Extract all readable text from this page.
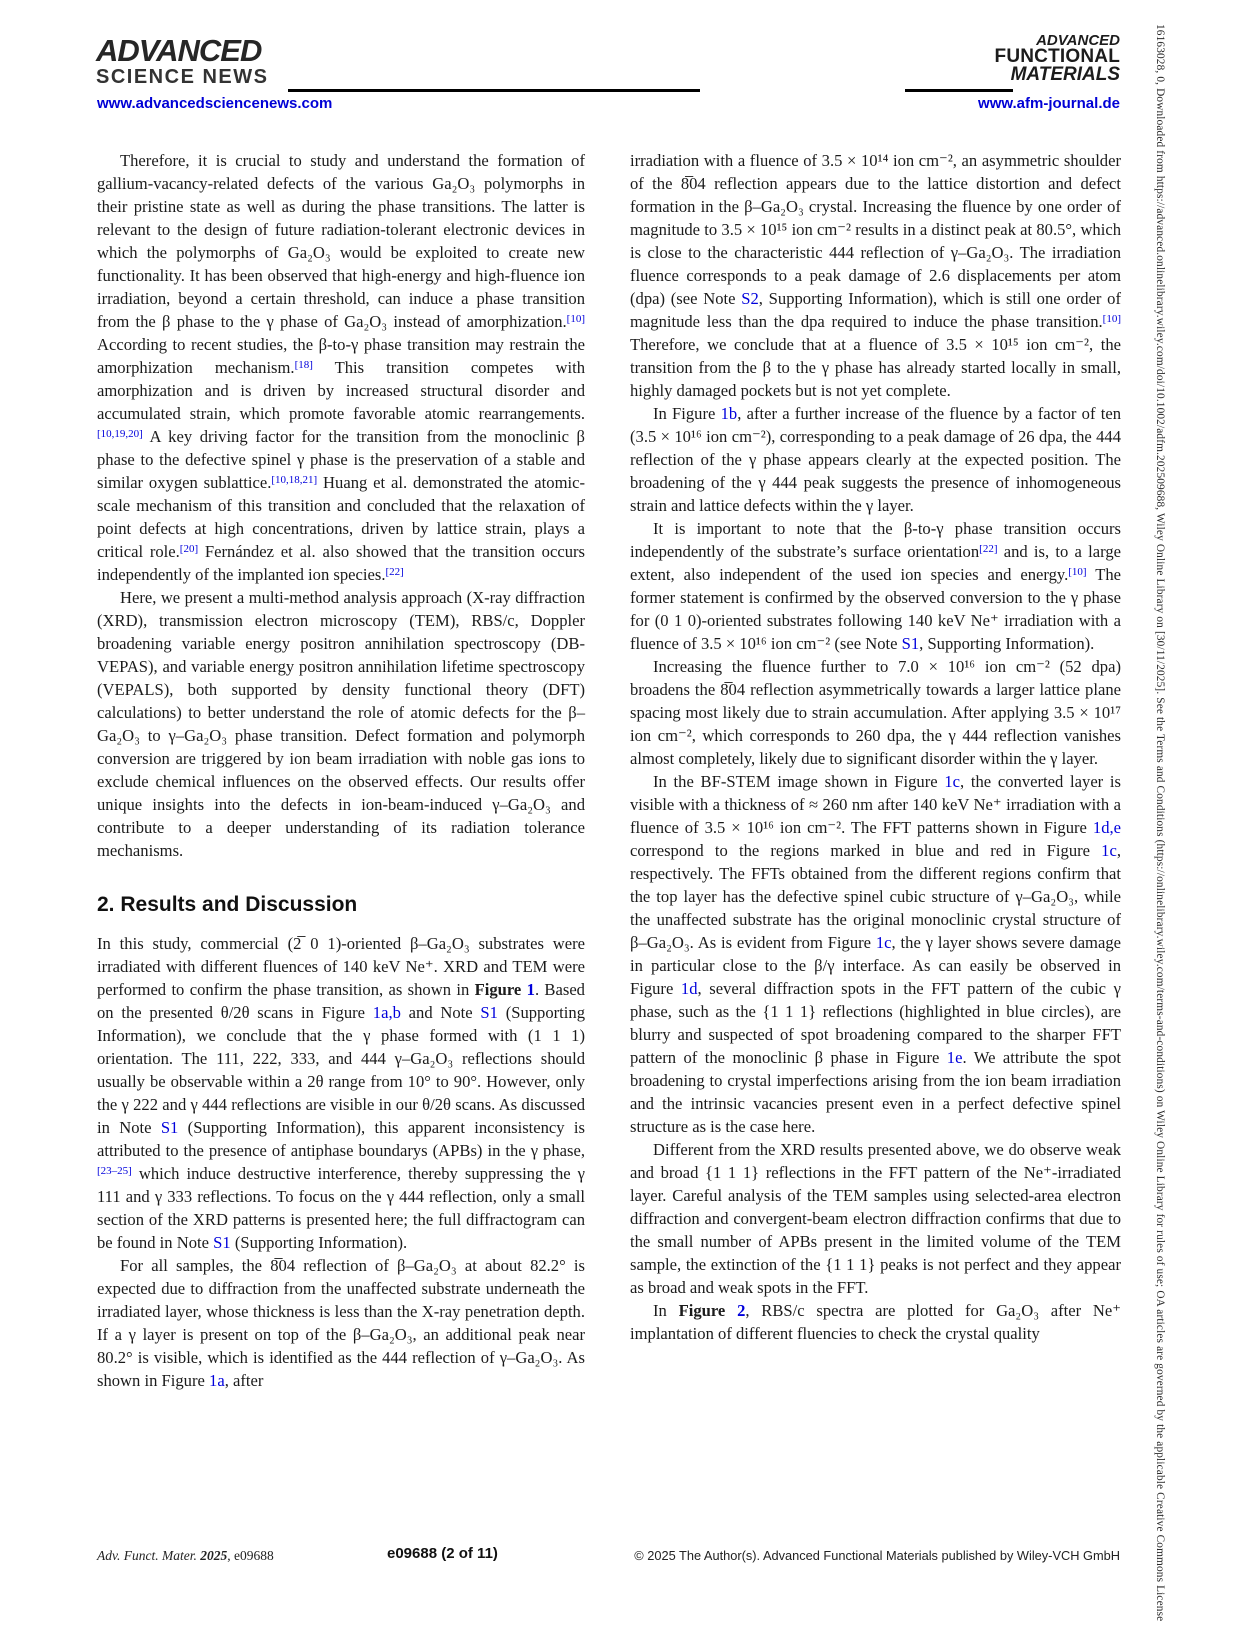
ADVANCED
SCIENCE NEWS
www.advancedsciencenews.com
ADVANCED
FUNCTIONAL
MATERIALS
www.afm-journal.de

Therefore, it is crucial to study and understand the formation of gallium-vacancy-related defects of the various Ga₂O₃ polymorphs in their pristine state as well as during the phase transitions. The latter is relevant to the design of future radiation-tolerant electronic devices in which the polymorphs of Ga₂O₃ would be exploited to create new functionality. It has been observed that high-energy and high-fluence ion irradiation, beyond a certain threshold, can induce a phase transition from the β phase to the γ phase of Ga₂O₃ instead of amorphization.[10] According to recent studies, the β-to-γ phase transition may restrain the amorphization mechanism.[18] This transition competes with amorphization and is driven by increased structural disorder and accumulated strain, which promote favorable atomic rearrangements.[10,19,20] A key driving factor for the transition from the monoclinic β phase to the defective spinel γ phase is the preservation of a stable and similar oxygen sublattice.[10,18,21] Huang et al. demonstrated the atomic-scale mechanism of this transition and concluded that the relaxation of point defects at high concentrations, driven by lattice strain, plays a critical role.[20] Fernández et al. also showed that the transition occurs independently of the implanted ion species.[22]

Here, we present a multi-method analysis approach (X-ray diffraction (XRD), transmission electron microscopy (TEM), RBS/c, Doppler broadening variable energy positron annihilation spectroscopy (DB-VEPAS), and variable energy positron annihilation lifetime spectroscopy (VEPALS), both supported by density functional theory (DFT) calculations) to better understand the role of atomic defects for the β–Ga₂O₃ to γ–Ga₂O₃ phase transition. Defect formation and polymorph conversion are triggered by ion beam irradiation with noble gas ions to exclude chemical influences on the observed effects. Our results offer unique insights into the defects in ion-beam-induced γ–Ga₂O₃ and contribute to a deeper understanding of its radiation tolerance mechanisms.

2. Results and Discussion

In this study, commercial (2̅ 0 1)-oriented β–Ga₂O₃ substrates were irradiated with different fluences of 140 keV Ne⁺. XRD and TEM were performed to confirm the phase transition, as shown in Figure 1. Based on the presented θ/2θ scans in Figure 1a,b and Note S1 (Supporting Information), we conclude that the γ phase formed with (1 1 1) orientation. The 111, 222, 333, and 444 γ–Ga₂O₃ reflections should usually be observable within a 2θ range from 10° to 90°. However, only the γ 222 and γ 444 reflections are visible in our θ/2θ scans. As discussed in Note S1 (Supporting Information), this apparent inconsistency is attributed to the presence of antiphase boundarys (APBs) in the γ phase,[23–25] which induce destructive interference, thereby suppressing the γ 111 and γ 333 reflections. To focus on the γ 444 reflection, only a small section of the XRD patterns is presented here; the full diffractogram can be found in Note S1 (Supporting Information).

For all samples, the 8̅04 reflection of β–Ga₂O₃ at about 82.2° is expected due to diffraction from the unaffected substrate underneath the irradiated layer, whose thickness is less than the X-ray penetration depth. If a γ layer is present on top of the β–Ga₂O₃, an additional peak near 80.2° is visible, which is identified as the 444 reflection of γ–Ga₂O₃. As shown in Figure 1a, after

irradiation with a fluence of 3.5 × 10¹⁴ ion cm⁻², an asymmetric shoulder of the 8̅04 reflection appears due to the lattice distortion and defect formation in the β–Ga₂O₃ crystal. Increasing the fluence by one order of magnitude to 3.5 × 10¹⁵ ion cm⁻² results in a distinct peak at 80.5°, which is close to the characteristic 444 reflection of γ–Ga₂O₃. The irradiation fluence corresponds to a peak damage of 2.6 displacements per atom (dpa) (see Note S2, Supporting Information), which is still one order of magnitude less than the dpa required to induce the phase transition.[10] Therefore, we conclude that at a fluence of 3.5 × 10¹⁵ ion cm⁻², the transition from the β to the γ phase has already started locally in small, highly damaged pockets but is not yet complete.

In Figure 1b, after a further increase of the fluence by a factor of ten (3.5 × 10¹⁶ ion cm⁻²), corresponding to a peak damage of 26 dpa, the 444 reflection of the γ phase appears clearly at the expected position. The broadening of the γ 444 peak suggests the presence of inhomogeneous strain and lattice defects within the γ layer.

It is important to note that the β-to-γ phase transition occurs independently of the substrate’s surface orientation[22] and is, to a large extent, also independent of the used ion species and energy.[10] The former statement is confirmed by the observed conversion to the γ phase for (0 1 0)-oriented substrates following 140 keV Ne⁺ irradiation with a fluence of 3.5 × 10¹⁶ ion cm⁻² (see Note S1, Supporting Information).

Increasing the fluence further to 7.0 × 10¹⁶ ion cm⁻² (52 dpa) broadens the 8̅04 reflection asymmetrically towards a larger lattice plane spacing most likely due to strain accumulation. After applying 3.5 × 10¹⁷ ion cm⁻², which corresponds to 260 dpa, the γ 444 reflection vanishes almost completely, likely due to significant disorder within the γ layer.

In the BF-STEM image shown in Figure 1c, the converted layer is visible with a thickness of ≈ 260 nm after 140 keV Ne⁺ irradiation with a fluence of 3.5 × 10¹⁶ ion cm⁻². The FFT patterns shown in Figure 1d,e correspond to the regions marked in blue and red in Figure 1c, respectively. The FFTs obtained from the different regions confirm that the top layer has the defective spinel cubic structure of γ–Ga₂O₃, while the unaffected substrate has the original monoclinic crystal structure of β–Ga₂O₃. As is evident from Figure 1c, the γ layer shows severe damage in particular close to the β/γ interface. As can easily be observed in Figure 1d, several diffraction spots in the FFT pattern of the cubic γ phase, such as the {1 1 1} reflections (highlighted in blue circles), are blurry and suspected of spot broadening compared to the sharper FFT pattern of the monoclinic β phase in Figure 1e. We attribute the spot broadening to crystal imperfections arising from the ion beam irradiation and the intrinsic vacancies present even in a perfect defective spinel structure as is the case here.

Different from the XRD results presented above, we do observe weak and broad {1 1 1} reflections in the FFT pattern of the Ne⁺-irradiated layer. Careful analysis of the TEM samples using selected-area electron diffraction and convergent-beam electron diffraction confirms that due to the small number of APBs present in the limited volume of the TEM sample, the extinction of the {1 1 1} peaks is not perfect and they appear as broad and weak spots in the FFT.

In Figure 2, RBS/c spectra are plotted for Ga₂O₃ after Ne⁺ implantation of different fluencies to check the crystal quality

Adv. Funct. Mater. 2025, e09688	e09688 (2 of 11)	© 2025 The Author(s). Advanced Functional Materials published by Wiley-VCH GmbH	16163028, 0, Downloaded from https://advanced.onlinelibrary.wiley.com/doi/10.1002/adfm.202509688, Wiley Online Library on [30/11/2025]. See the Terms and Conditions (https://onlinelibrary.wiley.com/terms-and-conditions) on Wiley Online Library for rules of use; OA articles are governed by the applicable Creative Commons License
